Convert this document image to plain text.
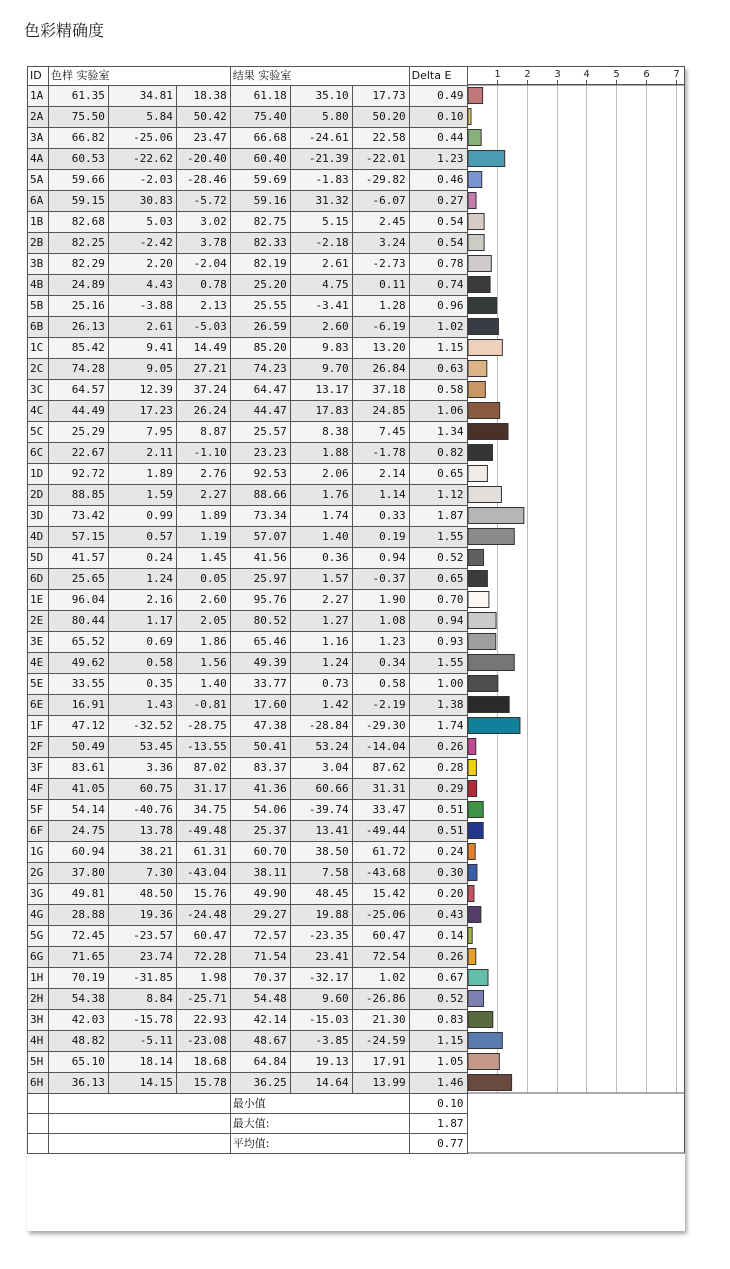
色彩精确度
ID	色样 实验室			结果 实验室			Delta E	
1A	61.35	34.81	18.38	61.18	35.10	17.73	0.49	
2A	75.50	5.84	50.42	75.40	5.80	50.20	0.10	
3A	66.82	-25.06	23.47	66.68	-24.61	22.58	0.44	
4A	60.53	-22.62	-20.40	60.40	-21.39	-22.01	1.23	
5A	59.66	-2.03	-28.46	59.69	-1.83	-29.82	0.46	
6A	59.15	30.83	-5.72	59.16	31.32	-6.07	0.27	
1B	82.68	5.03	3.02	82.75	5.15	2.45	0.54	
2B	82.25	-2.42	3.78	82.33	-2.18	3.24	0.54	
3B	82.29	2.20	-2.04	82.19	2.61	-2.73	0.78	
4B	24.89	4.43	0.78	25.20	4.75	0.11	0.74	
5B	25.16	-3.88	2.13	25.55	-3.41	1.28	0.96	
6B	26.13	2.61	-5.03	26.59	2.60	-6.19	1.02	
1C	85.42	9.41	14.49	85.20	9.83	13.20	1.15	
2C	74.28	9.05	27.21	74.23	9.70	26.84	0.63	
3C	64.57	12.39	37.24	64.47	13.17	37.18	0.58	
4C	44.49	17.23	26.24	44.47	17.83	24.85	1.06	
5C	25.29	7.95	8.87	25.57	8.38	7.45	1.34	
6C	22.67	2.11	-1.10	23.23	1.88	-1.78	0.82	
1D	92.72	1.89	2.76	92.53	2.06	2.14	0.65	
2D	88.85	1.59	2.27	88.66	1.76	1.14	1.12	
3D	73.42	0.99	1.89	73.34	1.74	0.33	1.87	
4D	57.15	0.57	1.19	57.07	1.40	0.19	1.55	
5D	41.57	0.24	1.45	41.56	0.36	0.94	0.52	
6D	25.65	1.24	0.05	25.97	1.57	-0.37	0.65	
1E	96.04	2.16	2.60	95.76	2.27	1.90	0.70	
2E	80.44	1.17	2.05	80.52	1.27	1.08	0.94	
3E	65.52	0.69	1.86	65.46	1.16	1.23	0.93	
4E	49.62	0.58	1.56	49.39	1.24	0.34	1.55	
5E	33.55	0.35	1.40	33.77	0.73	0.58	1.00	
6E	16.91	1.43	-0.81	17.60	1.42	-2.19	1.38	
1F	47.12	-32.52	-28.75	47.38	-28.84	-29.30	1.74	
2F	50.49	53.45	-13.55	50.41	53.24	-14.04	0.26	
3F	83.61	3.36	87.02	83.37	3.04	87.62	0.28	
4F	41.05	60.75	31.17	41.36	60.66	31.31	0.29	
5F	54.14	-40.76	34.75	54.06	-39.74	33.47	0.51	
6F	24.75	13.78	-49.48	25.37	13.41	-49.44	0.51	
1G	60.94	38.21	61.31	60.70	38.50	61.72	0.24	
2G	37.80	7.30	-43.04	38.11	7.58	-43.68	0.30	
3G	49.81	48.50	15.76	49.90	48.45	15.42	0.20	
4G	28.88	19.36	-24.48	29.27	19.88	-25.06	0.43	
5G	72.45	-23.57	60.47	72.57	-23.35	60.47	0.14	
6G	71.65	23.74	72.28	71.54	23.41	72.54	0.26	
1H	70.19	-31.85	1.98	70.37	-32.17	1.02	0.67	
2H	54.38	8.84	-25.71	54.48	9.60	-26.86	0.52	
3H	42.03	-15.78	22.93	42.14	-15.03	21.30	0.83	
4H	48.82	-5.11	-23.08	48.67	-3.85	-24.59	1.15	
5H	65.10	18.14	18.68	64.84	19.13	17.91	1.05	
6H	36.13	14.15	15.78	36.25	14.64	13.99	1.46	
				最小值			0.10	
				最大值:			1.87	
				平均值:			0.77	
1 2 3 4 5 6 7
